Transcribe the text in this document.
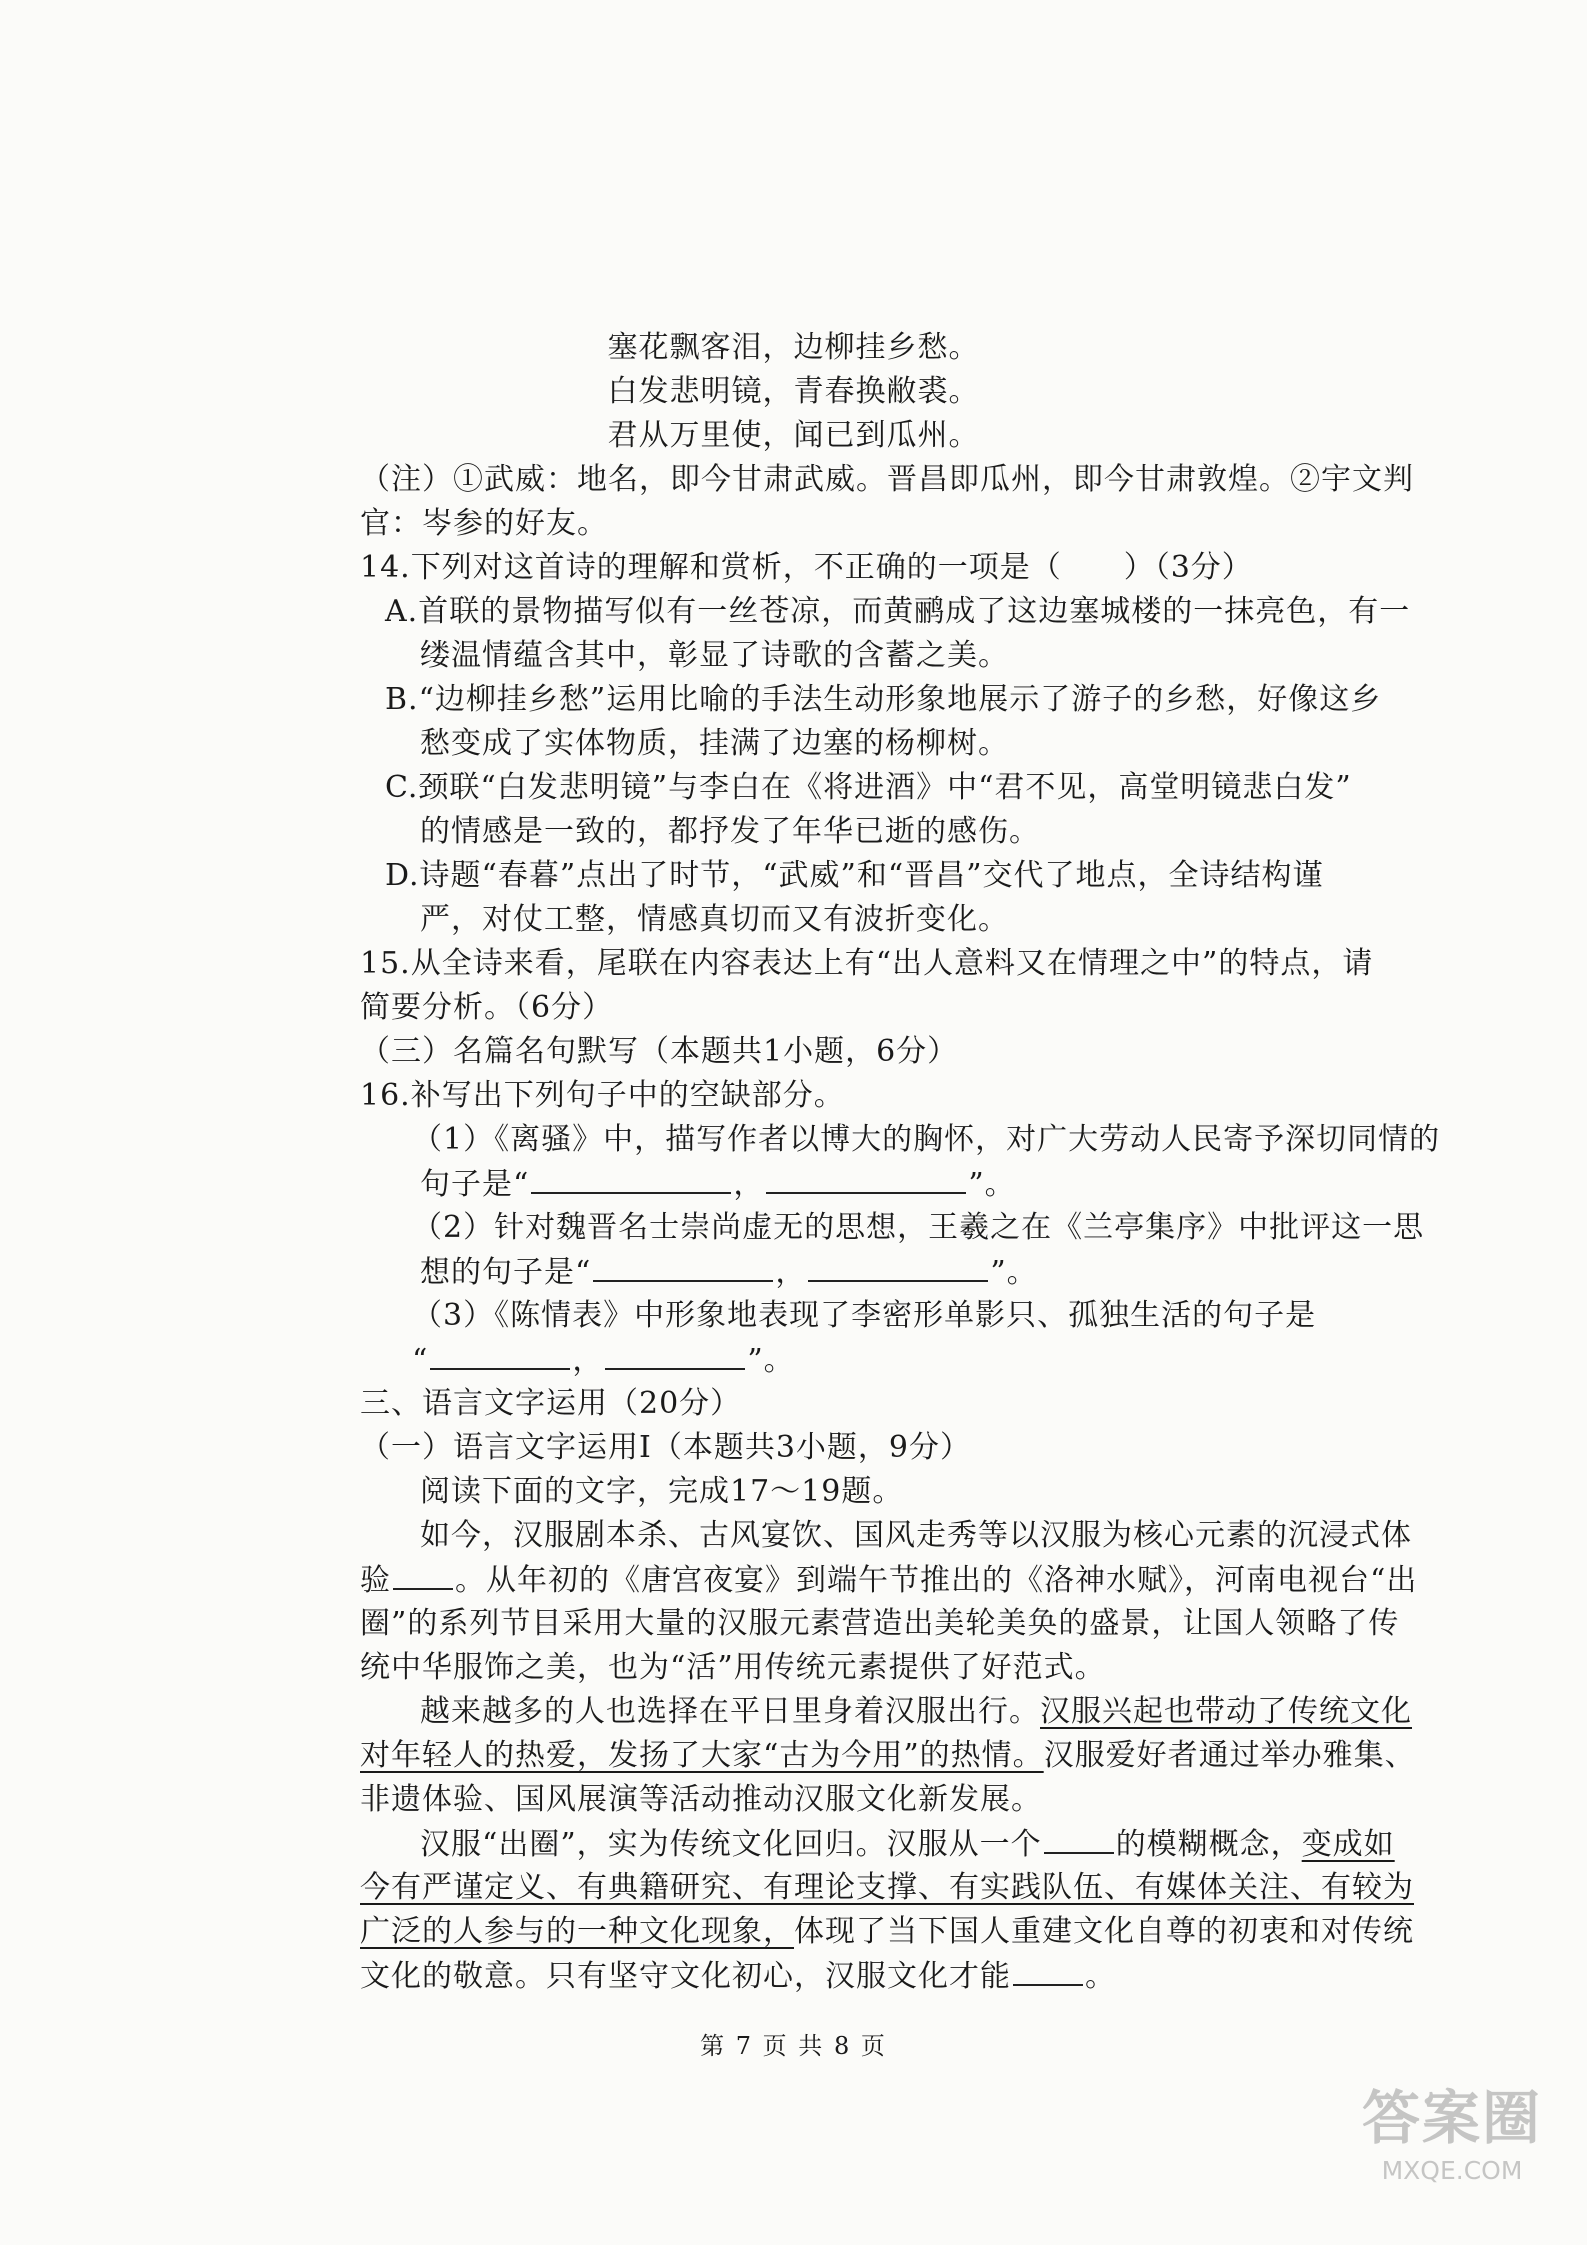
塞花飘客泪，边柳挂乡愁。
白发悲明镜，青春换敝裘。
君从万里使，闻已到瓜州。
（注）①武威：地名，即今甘肃武威。晋昌即瓜州，即今甘肃敦煌。②宇文判
官：岑参的好友。
14.下列对这首诗的理解和赏析，不正确的一项是（　　）（3分）
A.首联的景物描写似有一丝苍凉，而黄鹂成了这边塞城楼的一抹亮色，有一
缕温情蕴含其中，彰显了诗歌的含蓄之美。
B.“边柳挂乡愁”运用比喻的手法生动形象地展示了游子的乡愁，好像这乡
愁变成了实体物质，挂满了边塞的杨柳树。
C.颈联“白发悲明镜”与李白在《将进酒》中“君不见，高堂明镜悲白发”
的情感是一致的，都抒发了年华已逝的感伤。
D.诗题“春暮”点出了时节，“武威”和“晋昌”交代了地点，全诗结构谨
严，对仗工整，情感真切而又有波折变化。
15.从全诗来看，尾联在内容表达上有“出人意料又在情理之中”的特点，请
简要分析。（6分）
（三）名篇名句默写（本题共1小题，6分）
16.补写出下列句子中的空缺部分。
（1）《离骚》中，描写作者以博大的胸怀，对广大劳动人民寄予深切同情的
句子是“	，	”。
（2）针对魏晋名士崇尚虚无的思想，王羲之在《兰亭集序》中批评这一思
想的句子是“	，	”。
（3）《陈情表》中形象地表现了李密形单影只、孤独生活的句子是
“	，	”。
三、语言文字运用（20分）
（一）语言文字运用Ⅰ（本题共3小题，9分）
阅读下面的文字，完成17～19题。
如今，汉服剧本杀、古风宴饮、国风走秀等以汉服为核心元素的沉浸式体
验 。从年初的《唐宫夜宴》到端午节推出的《洛神水赋》，河南电视台“出
圈”的系列节目采用大量的汉服元素营造出美轮美奂的盛景，让国人领略了传
统中华服饰之美，也为“活”用传统元素提供了好范式。
越来越多的人也选择在平日里身着汉服出行。汉服兴起也带动了传统文化
对年轻人的热爱，发扬了大家“古为今用”的热情。汉服爱好者通过举办雅集、
非遗体验、国风展演等活动推动汉服文化新发展。
第 7 页 共 8 页
答案圈
MXQE.COM
汉服“出圈”，实为传统文化回归。汉服从一个 的模糊概念，变成如
今有严谨定义、有典籍研究、有理论支撑、有实践队伍、有媒体关注、有较为
广泛的人参与的一种文化现象，体现了当下国人重建文化自尊的初衷和对传统
文化的敬意。只有坚守文化初心，汉服文化才能 。
